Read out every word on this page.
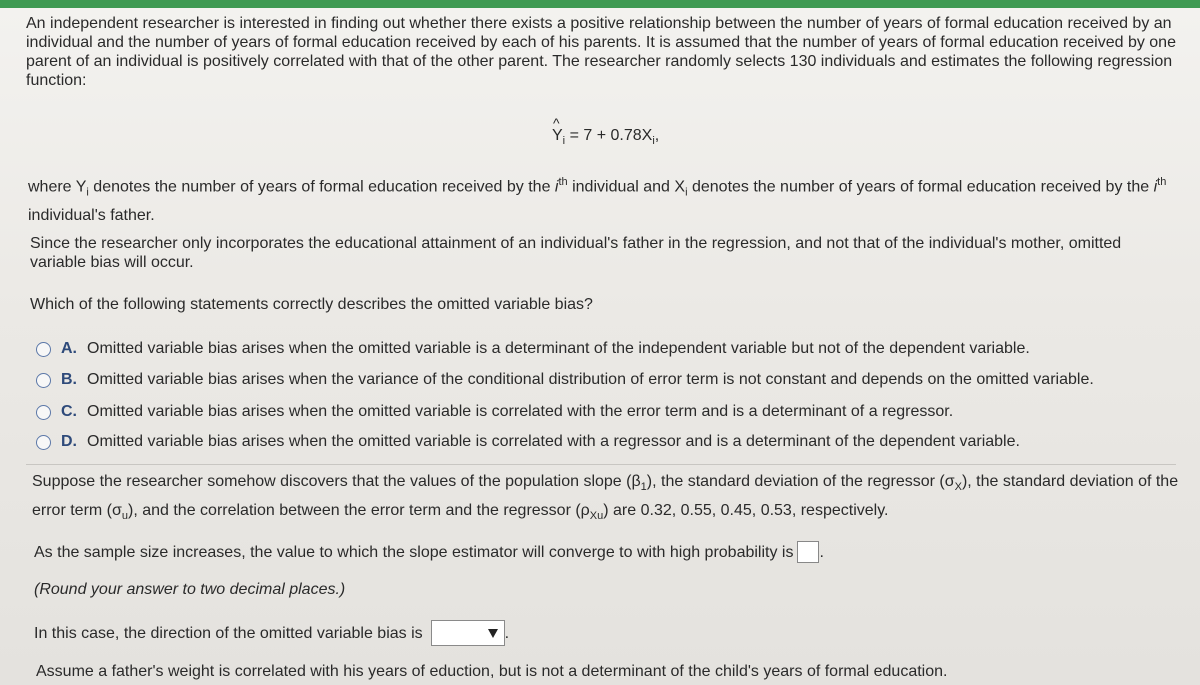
An independent researcher is interested in finding out whether there exists a positive relationship between the number of years of formal education received by an individual and the number of years of formal education received by each of his parents. It is assumed that the number of years of formal education received by one parent of an individual is positively correlated with that of the other parent. The researcher randomly selects 130 individuals and estimates the following regression function:

^ $Y_i = 7 + 0.78X_i$,

where $Y_i$ denotes the number of years of formal education received by the $i^{th}$ individual and $X_i$ denotes the number of years of formal education received by the $i^{th}$

individual's father.

Since the researcher only incorporates the educational attainment of an individual's father in the regression, and not that of the individual's mother, omitted variable bias will occur.

Which of the following statements correctly describes the omitted variable bias?

A. Omitted variable bias arises when the omitted variable is a determinant of the independent variable but not of the dependent variable.
B. Omitted variable bias arises when the variance of the conditional distribution of error term is not constant and depends on the omitted variable.
C. Omitted variable bias arises when the omitted variable is correlated with the error term and is a determinant of a regressor.
D. Omitted variable bias arises when the omitted variable is correlated with a regressor and is a determinant of the dependent variable.

Suppose the researcher somehow discovers that the values of the population slope $(\beta_1)$, the standard deviation of the regressor $(\sigma_X)$, the standard deviation of the error term $(\sigma_u)$, and the correlation between the error term and the regressor $(\rho_{Xu})$ are 0.32, 0.55, 0.45, 0.53, respectively.

As the sample size increases, the value to which the slope estimator will converge to with high probability is .

(Round your answer to two decimal places.)

In this case, the direction of the omitted variable bias is	.

Assume a father's weight is correlated with his years of eduction, but is not a determinant of the child's years of formal education.
